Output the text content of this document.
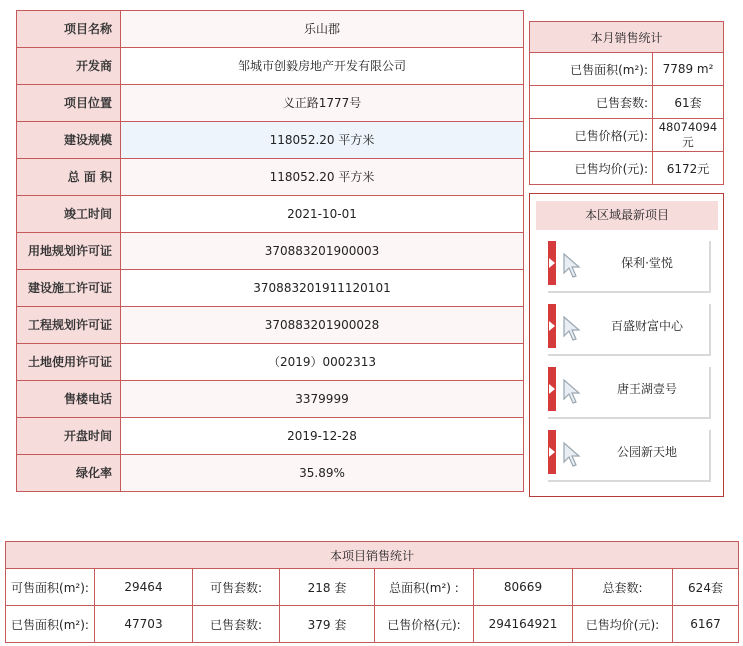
项目名称	乐山郡
开发商	邹城市创毅房地产开发有限公司
项目位置	义正路1777号
建设规模	118052.20 平方米
总 面 积	118052.20 平方米
竣工时间	2021-10-01
用地规划许可证	370883201900003
建设施工许可证	370883201911120101
工程规划许可证	370883201900028
土地使用许可证	（2019）0002313
售楼电话	3379999
开盘时间	2019-12-28
绿化率	35.89%
本月销售统计	
已售面积(m²):	7789 m²
已售套数:	61套
已售价格(元):	48074094元
已售均价(元):	6172元
本区域最新项目
保利·堂悦
百盛财富中心
唐王湖壹号
公园新天地
本项目销售统计							
可售面积(m²):	29464	可售套数:	218 套	总面积(m²) :	80669	总套数:	624套
已售面积(m²):	47703	已售套数:	379 套	已售价格(元):	294164921	已售均价(元):	6167
